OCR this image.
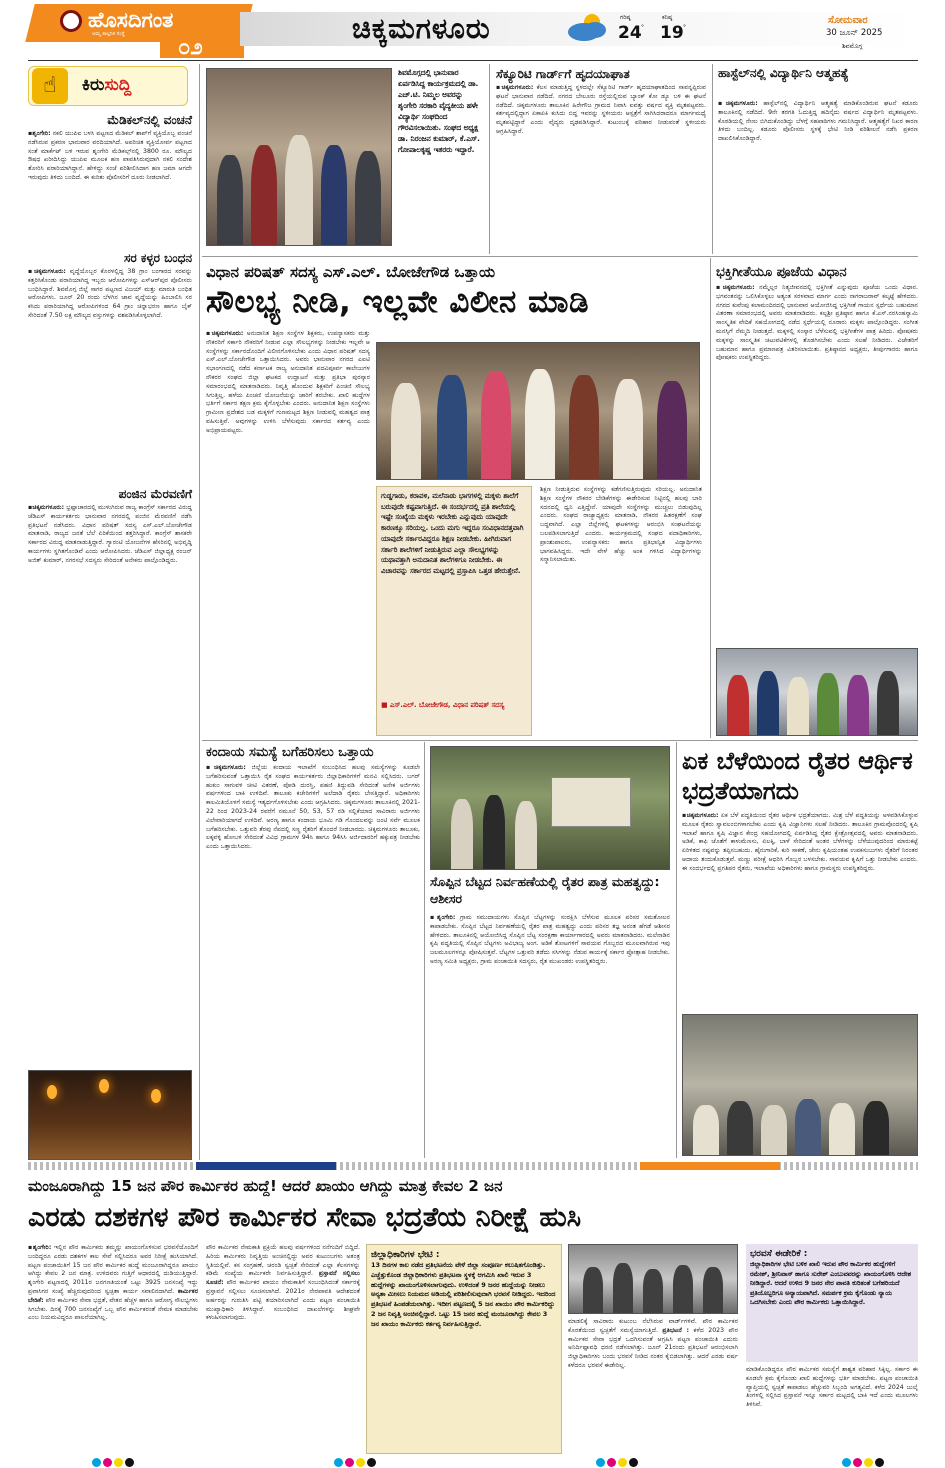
ಹೊಸದಿಗಂತ
ಅಮ್ಮ ಕಾಲ್ಪನಿಕ ಸಂಸ್ಥೆ
೦೨
ಚಿಕ್ಕಮಗಳೂರು	ಗರಿಷ್ಠ
24 °
ಕನಿಷ್ಠ
19 °
ಸೋಮವಾರ
30 ಜೂನ್ 2025
ಶಿವಮೊಗ್ಗ
☝	ಕಿರುಸುದ್ದಿ
ಮೆಡಿಕಲ್‌ನಲ್ಲಿ ವಂಚನೆ
▪ಶೃಂಗೇರಿ: ನಕಲಿ ಯುಪಿಐ ಬಳಸಿ ಪಟ್ಟಣದ ಮೆಡಿಕಲ್ ಶಾಪ್‌ಗೆ ವ್ಯಕ್ತಿಯೊಬ್ಬ ವಂಚನೆ ನಡೆಸಿರುವ ಪ್ರಕರಣ ಭಾನುವಾರ ವರದಿಯಾಗಿದೆ. ಅಪರಿಚಿತ ವ್ಯಕ್ತಿಯೋರ್ವ ಪಟ್ಟಣದ ಸಂತೆ ಮಾರ್ಕೆಟ್ ಬಳಿ ಇರುವ ಶೃಂಗೇರಿ ಮೆಡಿಕಲ್ಸ್‌ನಲ್ಲಿ 3800 ರೂ. ಮೌಲ್ಯದ ಔಷಧ ಖರೀದಿಸಿದ್ದು ಯುಪಿಐ ಮೂಲಕ ಹಣ ಪಾವತಿಸಿರುವುದಾಗಿ ನಕಲಿ ಸಂದೇಶ ತೋರಿಸಿ ಪರಾರಿಯಾಗಿದ್ದಾನೆ. ಹೇಳಿದ್ದು ಸಂಜೆ ಪರಿಶೀಲಿಸಿದಾಗ ಹಣ ಜಮಾ ಆಗದೇ ಇರುವುದು ತಿಳಿದು ಬಂದಿದೆ. ಈ ಕುರಿತು ಪೊಲೀಸರಿಗೆ ದೂರು ನೀಡಲಾಗಿದೆ.
ಸರ ಕಳ್ಳರ ಬಂಧನ
▪ಚಿಕ್ಕಮಗಳೂರು: ವೃದ್ಧೆಯೊಬ್ಬರ ಕೊರಳಲ್ಲಿದ್ದ 38 ಗ್ರಾಂ ಬಂಗಾರದ ಸರವನ್ನು ಕತ್ತರಿಸಿಕೊಂಡು ಪರಾರಿಯಾಗಿದ್ದ ಇಬ್ಬರು ಆರೋಪಿಗಳನ್ನು ಎಸ್‌ಆರ್‌ಪುರ ಪೊಲೀಸರು ಬಂಧಿಸಿದ್ದಾರೆ. ಶಿವಮೊಗ್ಗ ಜಿಲ್ಲೆ ಸಾಗರ ಪಟ್ಟಣದ ವಿಜಯ್ ಮತ್ತು ಮಾರುತಿ ಬಂಧಿತ ಆರೋಪಿಗಳು. ಜೂನ್ 20 ರಂದು ಬೆಳಗಿನ ಜಾವ ವೃದ್ಧೆಯನ್ನು ಹಿಂಬಾಲಿಸಿ ಸರ ಕಸಿದು ಪರಾರಿಯಾಗಿದ್ದ ಆರೋಪಿಗಳಿಂದ 64 ಗ್ರಾಂ ಚಿನ್ನಾಭರಣ ಹಾಗೂ ಬೈಕ್ ಸೇರಿದಂತೆ 7.50 ಲಕ್ಷ ಮೌಲ್ಯದ ವಸ್ತುಗಳನ್ನು ವಶಪಡಿಸಿಕೊಳ್ಳಲಾಗಿದೆ.
ಪಂಜಿನ ಮೆರವಣಿಗೆ
▪ಚಿಕ್ಕಮಗಳೂರು: ಭ್ರಷ್ಟಾಚಾರದಲ್ಲಿ ಮುಳುಗಿರುವ ರಾಜ್ಯ ಕಾಂಗ್ರೆಸ್ ಸರ್ಕಾರದ ವಿರುದ್ಧ ಜೆಡಿಎಸ್ ಕಾರ್ಯಕರ್ತರು ಭಾನುವಾರ ನಗರದಲ್ಲಿ ಪಂಜಿನ ಮೆರವಣಿಗೆ ನಡೆಸಿ ಪ್ರತಿಭಟನೆ ನಡೆಸಿದರು. ವಿಧಾನ ಪರಿಷತ್ ಸದಸ್ಯ ಎಸ್.ಎಲ್.ಬೋಜೇಗೌಡ ಮಾತನಾಡಿ, ರಾಜ್ಯದ ಜನತೆ ಬೆಲೆ ಏರಿಕೆಯಿಂದ ತತ್ತರಿಸಿದ್ದಾರೆ. ಕಾಂಗ್ರೆಸ್ ಶಾಸಕರೇ ಸರ್ಕಾರದ ವಿರುದ್ಧ ಮಾತನಾಡುತ್ತಿದ್ದಾರೆ. ಗ್ಯಾರಂಟಿ ಯೋಜನೆಗಳ ಹೆಸರಿನಲ್ಲಿ ಅಭಿವೃದ್ಧಿ ಕಾರ್ಯಗಳು ಸ್ಥಗಿತಗೊಂಡಿವೆ ಎಂದು ಆರೋಪಿಸಿದರು. ಜೆಡಿಎಸ್ ಜಿಲ್ಲಾಧ್ಯಕ್ಷ ರಂಜನ್ ಅಜಿತ್ ಕುಮಾರ್, ನಗರಸಭೆ ಸದಸ್ಯರು ಸೇರಿದಂತೆ ಅನೇಕರು ಪಾಲ್ಗೊಂಡಿದ್ದರು.
ಶಿವಮೊಗ್ಗದಲ್ಲಿ ಭಾನುವಾರ ಏರ್ಪಡಿಸಿದ್ದ ಕಾರ್ಯಕ್ರಮದಲ್ಲಿ ಡಾ. ಎಚ್.ಟಿ. ನಿಮ್ಮಲ ಅವರನ್ನು ಶೃಂಗೇರಿ ಸರಕಾರಿ ವೈದ್ಯಕೀಯ ಹಳೇ ವಿದ್ಯಾರ್ಥಿ ಸಂಘದಿಂದ ಗೌರವಿಸಲಾಯಿತು. ಸಂಘದ ಅಧ್ಯಕ್ಷ ಡಾ. ನಿರಂಜನ ಕುಮಾರ್, ಕೆ.ಎಸ್. ಗೋಪಾಲಕೃಷ್ಣ ಇತರರು ಇದ್ದಾರೆ.
ಸೆಕ್ಯೂರಿಟಿ ಗಾರ್ಡ್‌ಗೆ ಹೃದಯಾಘಾತ
▪ಚಿಕ್ಕಮಗಳೂರು: ಕೆಲಸ ಮಾಡುತ್ತಿದ್ದ ಸ್ಥಳದಲ್ಲೇ ಸೆಕ್ಯೂರಿಟಿ ಗಾರ್ಡ್ ಹೃದಯಾಘಾತದಿಂದ ಸಾವನ್ನಪ್ಪಿರುವ ಘಟನೆ ಭಾನುವಾರ ನಡೆದಿದೆ. ನಗರದ ಬೇಲೂರು ರಸ್ತೆಯಲ್ಲಿರುವ ಬ್ಯಾಂಕ್ ಕೋ ಡ್ಯೂ ಬಳಿ ಈ ಘಟನೆ ನಡೆದಿದೆ. ಚಿಕ್ಕಮಗಳೂರು ತಾಲೂಕಿನ ಹಿರೇಗೌಜ ಗ್ರಾಮದ ನಿವಾಸಿ ಐವತ್ತು ವರ್ಷದ ವ್ಯಕ್ತಿ ಮೃತಪಟ್ಟವರು. ಕರ್ತವ್ಯದಲ್ಲಿದ್ದಾಗ ಏಕಾಏಕಿ ಕುಸಿದು ಬಿದ್ದ ಇವರನ್ನು ಸ್ಥಳೀಯರು ಆಸ್ಪತ್ರೆಗೆ ಸಾಗಿಸಿದರಾದರೂ ಮಾರ್ಗಮಧ್ಯೆ ಮೃತಪಟ್ಟಿದ್ದಾರೆ ಎಂದು ವೈದ್ಯರು ದೃಢಪಡಿಸಿದ್ದಾರೆ. ಕುಟುಂಬಕ್ಕೆ ಪರಿಹಾರ ನೀಡುವಂತೆ ಸ್ಥಳೀಯರು ಆಗ್ರಹಿಸಿದ್ದಾರೆ.
ಹಾಸ್ಟೆಲ್‌ನಲ್ಲಿ ವಿದ್ಯಾರ್ಥಿನಿ ಆತ್ಮಹತ್ಯೆ
▪ಚಿಕ್ಕಮಗಳೂರು: ಹಾಸ್ಟೆಲ್‌ನಲ್ಲಿ ವಿದ್ಯಾರ್ಥಿನಿ ಆತ್ಮಹತ್ಯೆ ಮಾಡಿಕೊಂಡಿರುವ ಘಟನೆ ಕಡೂರು ತಾಲೂಕಿನಲ್ಲಿ ನಡೆದಿದೆ. 9ನೇ ತರಗತಿ ಓದುತ್ತಿದ್ದ ಹದಿನೈದು ವರ್ಷದ ವಿದ್ಯಾರ್ಥಿನಿ ಮೃತಪಟ್ಟವಳು. ಕೊಠಡಿಯಲ್ಲಿ ನೇಣು ಬಿಗಿದುಕೊಂಡಿದ್ದು ಬೆಳಗ್ಗೆ ಸಹಪಾಠಿಗಳು ಗಮನಿಸಿದ್ದಾರೆ. ಆತ್ಮಹತ್ಯೆಗೆ ನಿಖರ ಕಾರಣ ತಿಳಿದು ಬಂದಿಲ್ಲ. ಕಡೂರು ಪೊಲೀಸರು ಸ್ಥಳಕ್ಕೆ ಭೇಟಿ ನೀಡಿ ಪರಿಶೀಲನೆ ನಡೆಸಿ ಪ್ರಕರಣ ದಾಖಲಿಸಿಕೊಂಡಿದ್ದಾರೆ.
ವಿಧಾನ ಪರಿಷತ್ ಸದಸ್ಯ ಎಸ್.ಎಲ್. ಬೋಜೇಗೌಡ ಒತ್ತಾಯ
ಸೌಲಭ್ಯ ನೀಡಿ, ಇಲ್ಲವೇ ವಿಲೀನ ಮಾಡಿ
▪ಚಿಕ್ಕಮಗಳೂರು: ಅನುದಾನಿತ ಶಿಕ್ಷಣ ಸಂಸ್ಥೆಗಳ ಶಿಕ್ಷಕರು, ಉಪನ್ಯಾಸಕರು ಮತ್ತು ನೌಕರರಿಗೆ ಸರ್ಕಾರಿ ನೌಕರರಿಗೆ ನೀಡುವ ಎಲ್ಲಾ ಸೌಲಭ್ಯಗಳನ್ನು ನೀಡಬೇಕು ಇಲ್ಲವೇ ಆ ಸಂಸ್ಥೆಗಳನ್ನು ಸರ್ಕಾರದೊಂದಿಗೆ ವಿಲೀನಗೊಳಿಸಬೇಕು ಎಂದು ವಿಧಾನ ಪರಿಷತ್ ಸದಸ್ಯ ಎಸ್.ಎಲ್.ಬೋಜೇಗೌಡ ಒತ್ತಾಯಿಸಿದರು. ಅವರು ಭಾನುವಾರ ನಗರದ ಎಐಟಿ ಸಭಾಂಗಣದಲ್ಲಿ ನಡೆದ ಕರ್ನಾಟಕ ರಾಜ್ಯ ಅನುದಾನಿತ ಪದವಿಪೂರ್ವ ಕಾಲೇಜುಗಳ ನೌಕರರ ಸಂಘದ ಜಿಲ್ಲಾ ಘಟಕದ ಉದ್ಘಾಟನೆ ಮತ್ತು ಪ್ರತಿಭಾ ಪುರಸ್ಕಾರ ಸಮಾರಂಭದಲ್ಲಿ ಮಾತನಾಡಿದರು. ನಿವೃತ್ತಿ ಹೊಂದುವ ಶಿಕ್ಷಕರಿಗೆ ಪಿಂಚಣಿ ಸೌಲಭ್ಯ ಸಿಗುತ್ತಿಲ್ಲ. ಹಳೆಯ ಪಿಂಚಣಿ ಯೋಜನೆಯನ್ನು ಜಾರಿಗೆ ತರಬೇಕು. ಖಾಲಿ ಹುದ್ದೆಗಳ ಭರ್ತಿಗೆ ಸರ್ಕಾರ ತಕ್ಷಣ ಕ್ರಮ ಕೈಗೊಳ್ಳಬೇಕು ಎಂದರು. ಅನುದಾನಿತ ಶಿಕ್ಷಣ ಸಂಸ್ಥೆಗಳು ಗ್ರಾಮೀಣ ಪ್ರದೇಶದ ಬಡ ಮಕ್ಕಳಿಗೆ ಗುಣಮಟ್ಟದ ಶಿಕ್ಷಣ ನೀಡುವಲ್ಲಿ ಮಹತ್ವದ ಪಾತ್ರ ವಹಿಸುತ್ತಿವೆ. ಅವುಗಳನ್ನು ಉಳಿಸಿ ಬೆಳೆಸುವುದು ಸರ್ಕಾರದ ಕರ್ತವ್ಯ ಎಂದು ಅಭಿಪ್ರಾಯಪಟ್ಟರು.
ಗುಡ್ಡಗಾಡು, ಕರಾವಳಿ, ಮಲೆನಾಡು ಭಾಗಗಳಲ್ಲಿ ಮಕ್ಕಳು ಶಾಲೆಗೆ ಬರುವುದೇ ಕಷ್ಟವಾಗುತ್ತಿದೆ. ಈ ಸಂದರ್ಭದಲ್ಲಿ ಪ್ರತಿ ಶಾಲೆಯಲ್ಲಿ ಇಷ್ಟೇ ಸಂಖ್ಯೆಯ ಮಕ್ಕಳು ಇರಬೇಕು ಎನ್ನುವುದು ಯಾವುದೇ ಕಾರಣಕ್ಕೂ ಸರಿಯಲ್ಲ. ಒಂದು ಮಗು ಇದ್ದರೂ ಸಂವಿಧಾನದತ್ತವಾಗಿ ಯಾವುದೇ ಸರ್ಕಾರವಿದ್ದರೂ ಶಿಕ್ಷಣ ನೀಡಬೇಕು. ಹೀಗಿರುವಾಗ ಸರ್ಕಾರಿ ಶಾಲೆಗಳಿಗೆ ನೀಡುತ್ತಿರುವ ಎಲ್ಲಾ ಸೌಲಭ್ಯಗಳನ್ನು ಯಥಾವತ್ತಾಗಿ ಅನುದಾನಿತ ಶಾಲೆಗಳಿಗೂ ನೀಡಬೇಕು. ಈ ವಿಚಾರವನ್ನು ಸರ್ಕಾರದ ಮಟ್ಟದಲ್ಲಿ ಪ್ರಸ್ತಾಪಿಸಿ ಒತ್ತಡ ಹೇರುತ್ತೇನೆ.
■ ಎಸ್.ಎಲ್. ಬೋಜೇಗೌಡ, ವಿಧಾನ ಪರಿಷತ್ ಸದಸ್ಯ
ಶಿಕ್ಷಣ ನೀಡುತ್ತಿರುವ ಸಂಸ್ಥೆಗಳನ್ನು ಕಡೆಗಣಿಸುತ್ತಿರುವುದು ಸರಿಯಲ್ಲ. ಅನುದಾನಿತ ಶಿಕ್ಷಣ ಸಂಸ್ಥೆಗಳ ನೌಕರರ ಬೇಡಿಕೆಗಳನ್ನು ಈಡೇರಿಸುವ ನಿಟ್ಟಿನಲ್ಲಿ ಹಲವು ಬಾರಿ ಸದನದಲ್ಲಿ ಧ್ವನಿ ಎತ್ತಿದ್ದೇನೆ. ಯಾವುದೇ ಸಂಸ್ಥೆಗಳನ್ನು ಮುಚ್ಚಲು ಬಿಡುವುದಿಲ್ಲ ಎಂದರು. ಸಂಘದ ರಾಜ್ಯಾಧ್ಯಕ್ಷರು ಮಾತನಾಡಿ, ನೌಕರರ ಹಿತರಕ್ಷಣೆಗೆ ಸಂಘ ಬದ್ಧವಾಗಿದೆ. ಎಲ್ಲಾ ಜಿಲ್ಲೆಗಳಲ್ಲಿ ಘಟಕಗಳನ್ನು ಆರಂಭಿಸಿ ಸಂಘಟನೆಯನ್ನು ಬಲಪಡಿಸಲಾಗುತ್ತಿದೆ ಎಂದರು. ಕಾರ್ಯಕ್ರಮದಲ್ಲಿ ಸಂಘದ ಪದಾಧಿಕಾರಿಗಳು, ಪ್ರಾಂಶುಪಾಲರು, ಉಪನ್ಯಾಸಕರು ಹಾಗೂ ಪ್ರತಿಭಾನ್ವಿತ ವಿದ್ಯಾರ್ಥಿಗಳು ಭಾಗವಹಿಸಿದ್ದರು. ಇದೇ ವೇಳೆ ಹೆಚ್ಚು ಅಂಕ ಗಳಿಸಿದ ವಿದ್ಯಾರ್ಥಿಗಳನ್ನು ಸನ್ಮಾನಿಸಲಾಯಿತು.
ಭಕ್ತಿಗೀತೆಯೂ ಪೂಜೆಯ ವಿಧಾನ
▪ಚಿಕ್ಕಮಗಳೂರು: ನಮ್ಮೆಲ್ಲರ ನಿತ್ಯಜೀವನದಲ್ಲಿ ಭಕ್ತಿಗೀತೆ ಎನ್ನುವುದು ಪೂಜೆಯ ಒಂದು ವಿಧಾನ. ಭಗವಂತನನ್ನು ಒಲಿಸಿಕೊಳ್ಳಲು ಅತ್ಯಂತ ಸರಳವಾದ ಮಾರ್ಗ ಎಂದು ನಾಗರಾಜರಾವ್ ಕಲ್ಕಟ್ಟೆ ಹೇಳಿದರು. ನಗರದ ಕುವೆಂಪು ಕಲಾಮಂದಿರದಲ್ಲಿ ಭಾನುವಾರ ಆಯೋಜಿಸಿದ್ದ ಭಕ್ತಿಗೀತೆ ಗಾಯನ ಸ್ಪರ್ಧೆಯ ಬಹುಮಾನ ವಿತರಣಾ ಸಮಾರಂಭದಲ್ಲಿ ಅವರು ಮಾತನಾಡಿದರು. ಕಲ್ಪಶ್ರೀ ಪ್ರತಿಷ್ಠಾನ ಹಾಗೂ ಕೆ.ಎಸ್.ನರಸಿಂಹಸ್ವಾಮಿ ಸಾಂಸ್ಕೃತಿಕ ವೇದಿಕೆ ಸಹಯೋಗದಲ್ಲಿ ನಡೆದ ಸ್ಪರ್ಧೆಯಲ್ಲಿ ನೂರಾರು ಮಕ್ಕಳು ಪಾಲ್ಗೊಂಡಿದ್ದರು. ಸಂಗೀತ ಮನಸ್ಸಿಗೆ ನೆಮ್ಮದಿ ನೀಡುತ್ತದೆ. ಮಕ್ಕಳಲ್ಲಿ ಸಂಸ್ಕಾರ ಬೆಳೆಸುವಲ್ಲಿ ಭಕ್ತಿಗೀತೆಗಳ ಪಾತ್ರ ಹಿರಿದು. ಪೋಷಕರು ಮಕ್ಕಳನ್ನು ಸಾಂಸ್ಕೃತಿಕ ಚಟುವಟಿಕೆಗಳಲ್ಲಿ ತೊಡಗಿಸಬೇಕು ಎಂದು ಸಲಹೆ ನೀಡಿದರು. ವಿಜೇತರಿಗೆ ಬಹುಮಾನ ಹಾಗೂ ಪ್ರಮಾಣಪತ್ರ ವಿತರಿಸಲಾಯಿತು. ಪ್ರತಿಷ್ಠಾನದ ಅಧ್ಯಕ್ಷರು, ತೀರ್ಪುಗಾರರು ಹಾಗೂ ಪೋಷಕರು ಉಪಸ್ಥಿತರಿದ್ದರು.
ಕಂದಾಯ ಸಮಸ್ಯೆ ಬಗೆಹರಿಸಲು ಒತ್ತಾಯ
▪ಚಿಕ್ಕಮಗಳೂರು: ಜಿಲ್ಲೆಯ ಕಂದಾಯ ಇಲಾಖೆಗೆ ಸಂಬಂಧಿಸಿದ ಹಲವು ಸಮಸ್ಯೆಗಳನ್ನು ಕೂಡಲೇ ಬಗೆಹರಿಸುವಂತೆ ಒತ್ತಾಯಿಸಿ ರೈತ ಸಂಘದ ಕಾರ್ಯಕರ್ತರು ಜಿಲ್ಲಾಧಿಕಾರಿಗಳಿಗೆ ಮನವಿ ಸಲ್ಲಿಸಿದರು. ಬಗರ್ ಹುಕುಂ ಸಾಗುವಳಿ ಚೀಟಿ ವಿತರಣೆ, ಪೋಡಿ ದುರಸ್ತಿ, ಪಹಣಿ ತಿದ್ದುಪಡಿ ಸೇರಿದಂತೆ ಅನೇಕ ಅರ್ಜಿಗಳು ವರ್ಷಗಳಿಂದ ಬಾಕಿ ಉಳಿದಿವೆ. ತಾಲೂಕು ಕಚೇರಿಗಳಿಗೆ ಅಲೆದಾಡಿ ರೈತರು ಬೇಸತ್ತಿದ್ದಾರೆ. ಅಧಿಕಾರಿಗಳು ಕಾಲಮಿತಿಯೊಳಗೆ ಸಮಸ್ಯೆ ಇತ್ಯರ್ಥಗೊಳಿಸಬೇಕು ಎಂದು ಆಗ್ರಹಿಸಿದರು. ಚಿಕ್ಕಮಗಳೂರು ತಾಲೂಕಿನಲ್ಲಿ 2021-22 ರಿಂದ 2023-24 ರವರೆಗೆ ನಮೂನೆ 50, 53, 57 ರಡಿ ಸಲ್ಲಿಕೆಯಾದ ಸಾವಿರಾರು ಅರ್ಜಿಗಳು ವಿಲೇವಾರಿಯಾಗದೆ ಉಳಿದಿವೆ. ಅರಣ್ಯ ಹಾಗೂ ಕಂದಾಯ ಭೂಮಿ ಗಡಿ ಗೊಂದಲವನ್ನು ಜಂಟಿ ಸರ್ವೆ ಮೂಲಕ ಬಗೆಹರಿಸಬೇಕು. ಒತ್ತುವರಿ ತೆರವು ನೆಪದಲ್ಲಿ ಸಣ್ಣ ರೈತರಿಗೆ ತೊಂದರೆ ನೀಡಬಾರದು. ಚಿಕ್ಕಮಗಳೂರು ತಾಲೂಕು, ಲಕ್ಕವಳ್ಳಿ ಹೋಬಳಿ ಸೇರಿದಂತೆ ವಿವಿಧ ಗ್ರಾಮಗಳ 94ಸಿ ಹಾಗೂ 94ಸಿಸಿ ಅರ್ಜಿದಾರರಿಗೆ ಹಕ್ಕುಪತ್ರ ನೀಡಬೇಕು ಎಂದು ಒತ್ತಾಯಿಸಿದರು.
ಸೊಪ್ಪಿನ ಬೆಟ್ಟದ ನಿರ್ವಹಣೆಯಲ್ಲಿ ರೈತರ ಪಾತ್ರ ಮಹತ್ವದ್ದು: ಆಶೀಸರ
▪ಶೃಂಗೇರಿ: ಗ್ರಾಮ ಸಮುದಾಯಗಳು ಸೊಪ್ಪಿನ ಬೆಟ್ಟಗಳನ್ನು ಸಂರಕ್ಷಿಸಿ ಬೆಳೆಸುವ ಮೂಲಕ ಪರಿಸರ ಸಮತೋಲನ ಕಾಪಾಡಬೇಕು. ಸೊಪ್ಪಿನ ಬೆಟ್ಟದ ನಿರ್ವಹಣೆಯಲ್ಲಿ ರೈತರ ಪಾತ್ರ ಮಹತ್ವದ್ದು ಎಂದು ಪರಿಸರ ತಜ್ಞ ಅನಂತ ಹೆಗಡೆ ಆಶೀಸರ ಹೇಳಿದರು. ತಾಲೂಕಿನಲ್ಲಿ ಆಯೋಜಿಸಿದ್ದ ಸೊಪ್ಪಿನ ಬೆಟ್ಟ ಸಂರಕ್ಷಣಾ ಕಾರ್ಯಾಗಾರದಲ್ಲಿ ಅವರು ಮಾತನಾಡಿದರು. ಮಲೆನಾಡಿನ ಕೃಷಿ ಪದ್ಧತಿಯಲ್ಲಿ ಸೊಪ್ಪಿನ ಬೆಟ್ಟಗಳು ಅವಿಭಾಜ್ಯ ಅಂಗ. ಅಡಿಕೆ ತೋಟಗಳಿಗೆ ಸಾವಯವ ಗೊಬ್ಬರದ ಮೂಲವಾಗಿರುವ ಇವು ಜಲಮೂಲಗಳನ್ನೂ ಪೋಷಿಸುತ್ತವೆ. ಬೆಟ್ಟಗಳ ಒತ್ತುವರಿ ತಡೆದು ಸಸಿಗಳನ್ನು ನೆಡುವ ಕಾರ್ಯಕ್ಕೆ ಸರ್ಕಾರ ಪ್ರೋತ್ಸಾಹ ನೀಡಬೇಕು. ಅರಣ್ಯ ಸಮಿತಿ ಅಧ್ಯಕ್ಷರು, ಗ್ರಾಮ ಪಂಚಾಯಿತಿ ಸದಸ್ಯರು, ರೈತ ಮುಖಂಡರು ಉಪಸ್ಥಿತರಿದ್ದರು.
ಏಕ ಬೆಳೆಯಿಂದ ರೈತರ ಆರ್ಥಿಕ ಭದ್ರತೆಯಾಗದು
▪ಚಿಕ್ಕಮಗಳೂರು: ಏಕ ಬೆಳೆ ಪದ್ಧತಿಯಿಂದ ರೈತರ ಆರ್ಥಿಕ ಭದ್ರತೆಯಾಗದು. ಮಿಶ್ರ ಬೆಳೆ ಪದ್ಧತಿಯನ್ನು ಅಳವಡಿಸಿಕೊಳ್ಳುವ ಮೂಲಕ ರೈತರು ಸ್ವಾವಲಂಬಿಗಳಾಗಬೇಕು ಎಂದು ಕೃಷಿ ವಿಜ್ಞಾನಿಗಳು ಸಲಹೆ ನೀಡಿದರು. ತಾಲೂಕಿನ ಗ್ರಾಮವೊಂದರಲ್ಲಿ ಕೃಷಿ ಇಲಾಖೆ ಹಾಗೂ ಕೃಷಿ ವಿಜ್ಞಾನ ಕೇಂದ್ರ ಸಹಯೋಗದಲ್ಲಿ ಏರ್ಪಡಿಸಿದ್ದ ರೈತರ ಕ್ಷೇತ್ರೋತ್ಸವದಲ್ಲಿ ಅವರು ಮಾತನಾಡಿದರು. ಅಡಿಕೆ, ಕಾಫಿ ಜೊತೆಗೆ ಕಾಳುಮೆಣಸು, ಏಲಕ್ಕಿ, ಬಾಳೆ ಸೇರಿದಂತೆ ಅಂತರ ಬೆಳೆಗಳನ್ನು ಬೆಳೆಯುವುದರಿಂದ ಮಾರುಕಟ್ಟೆ ಏರಿಳಿತದ ನಷ್ಟವನ್ನು ತಪ್ಪಿಸಬಹುದು. ಹೈನುಗಾರಿಕೆ, ಕುರಿ ಸಾಕಣೆ, ಜೇನು ಕೃಷಿಯಂತಹ ಉಪಕಸುಬುಗಳು ರೈತರಿಗೆ ನಿರಂತರ ಆದಾಯ ತಂದುಕೊಡುತ್ತವೆ. ಮಣ್ಣು ಪರೀಕ್ಷೆ ಆಧರಿಸಿ ಗೊಬ್ಬರ ಬಳಸಬೇಕು. ಸಾವಯವ ಕೃಷಿಗೆ ಒತ್ತು ನೀಡಬೇಕು ಎಂದರು. ಈ ಸಂದರ್ಭದಲ್ಲಿ ಪ್ರಗತಿಪರ ರೈತರು, ಇಲಾಖೆಯ ಅಧಿಕಾರಿಗಳು ಹಾಗೂ ಗ್ರಾಮಸ್ಥರು ಉಪಸ್ಥಿತರಿದ್ದರು.
ಮಂಜೂರಾಗಿದ್ದು 15 ಜನ ಪೌರ ಕಾರ್ಮಿಕರ ಹುದ್ದೆ! ಆದರೆ ಖಾಯಂ ಆಗಿದ್ದು ಮಾತ್ರ ಕೇವಲ 2 ಜನ
ಎರಡು ದಶಕಗಳ ಪೌರ ಕಾರ್ಮಿಕರ ಸೇವಾ ಭದ್ರತೆಯ ನಿರೀಕ್ಷೆ ಹುಸಿ
▪ಶೃಂಗೇರಿ: ಇಲ್ಲಿನ ಪೌರ ಕಾರ್ಮಿಕರು ತಮ್ಮನ್ನು ಖಾಯಂಗೊಳಿಸುವ ಭರವಸೆಯೊಂದಿಗೆ ಬಂದಿದ್ದರೂ ಎರಡು ದಶಕಗಳ ಕಾಲ ಸೇವೆ ಸಲ್ಲಿಸಿದರೂ ಅವರ ನಿರೀಕ್ಷೆ ಹುಸಿಯಾಗಿದೆ. ಪಟ್ಟಣ ಪಂಚಾಯಿತಿಗೆ 15 ಜನ ಪೌರ ಕಾರ್ಮಿಕರ ಹುದ್ದೆ ಮಂಜೂರಾಗಿದ್ದರೂ ಖಾಯಂ ಆಗಿದ್ದು ಕೇವಲ 2 ಜನ ಮಾತ್ರ. ಉಳಿದವರು ಗುತ್ತಿಗೆ ಆಧಾರದಲ್ಲಿ ದುಡಿಯುತ್ತಿದ್ದಾರೆ. ಶೃಂಗೇರಿ ಪಟ್ಟಣದಲ್ಲಿ 2011ರ ಜನಗಣತಿಯಂತೆ ಒಟ್ಟು 3925 ಜನಸಂಖ್ಯೆ ಇದ್ದು ಪ್ರವಾಸಿಗರ ಸಂಖ್ಯೆ ಹೆಚ್ಚಿರುವುದರಿಂದ ಸ್ವಚ್ಛತಾ ಕಾರ್ಯ ಸವಾಲಿನದಾಗಿದೆ. ಕಾರ್ಮಿಕರ ಬೇಡಿಕೆ: ಪೌರ ಕಾರ್ಮಿಕರ ಸೇವಾ ಭದ್ರತೆ, ವೇತನ ಹೆಚ್ಚಳ ಹಾಗೂ ಆರೋಗ್ಯ ಸೌಲಭ್ಯಗಳು ಸಿಗಬೇಕು. ದಿನಕ್ಕೆ 700 ಜನಸಂಖ್ಯೆಗೆ ಒಬ್ಬ ಪೌರ ಕಾರ್ಮಿಕರಂತೆ ನೇಮಕ ಮಾಡಬೇಕು ಎಂಬ ನಿಯಮವಿದ್ದರೂ ಪಾಲನೆಯಾಗಿಲ್ಲ.
ಪೌರ ಕಾರ್ಮಿಕರ ನೇಮಕಾತಿ ಪ್ರಕ್ರಿಯೆ ಹಲವು ವರ್ಷಗಳಿಂದ ನನೆಗುದಿಗೆ ಬಿದ್ದಿದೆ. ಹಿರಿಯ ಕಾರ್ಮಿಕರು ನಿವೃತ್ತಿಯ ಅಂಚಿನಲ್ಲಿದ್ದು ಅವರ ಕುಟುಂಬಗಳು ಅತಂತ್ರ ಸ್ಥಿತಿಯಲ್ಲಿವೆ. ಕಸ ಸಂಗ್ರಹಣೆ, ಚರಂಡಿ ಸ್ವಚ್ಛತೆ ಸೇರಿದಂತೆ ಎಲ್ಲಾ ಕೆಲಸಗಳನ್ನು ಕಡಿಮೆ ಸಂಖ್ಯೆಯ ಕಾರ್ಮಿಕರೇ ನಿರ್ವಹಿಸುತ್ತಿದ್ದಾರೆ. ಪ್ರಸ್ತಾವನೆ ಸಲ್ಲಿಸಲು ಸೂಚನೆ: ಪೌರ ಕಾರ್ಮಿಕರ ಖಾಯಂ ನೇಮಕಾತಿಗೆ ಸಂಬಂಧಿಸಿದಂತೆ ಸರ್ಕಾರಕ್ಕೆ ಪ್ರಸ್ತಾವನೆ ಸಲ್ಲಿಸಲು ಸೂಚಿಸಲಾಗಿದೆ. 2021ರ ನೇರಪಾವತಿ ಆದೇಶದಂತೆ ಅರ್ಹರನ್ನು ಗುರುತಿಸಿ ಪಟ್ಟಿ ತಯಾರಿಸಲಾಗಿದೆ ಎಂದು ಪಟ್ಟಣ ಪಂಚಾಯಿತಿ ಮುಖ್ಯಾಧಿಕಾರಿ ತಿಳಿಸಿದ್ದಾರೆ. ಸಂಬಂಧಿಸಿದ ದಾಖಲೆಗಳನ್ನು ಶೀಘ್ರವೇ ಕಳುಹಿಸಲಾಗುವುದು.
ಜಿಲ್ಲಾಧಿಕಾರಿಗಳ ಭೇಟಿ :
13 ದಿನಗಳ ಕಾಲ ನಡೆದ ಪ್ರತಿಭಟನೆಯ ವೇಳೆ ಜಿಲ್ಲಾ ಸಂಪೂರ್ಣ ಕಲುಷಿತಗೊಂಡಿತ್ತು. ಎಚ್ಚೆತ್ತುಕೊಂಡ ಜಿಲ್ಲಾಧಿಕಾರಿಗಳು ಪ್ರತಿಭಟನಾ ಸ್ಥಳಕ್ಕೆ ಆಗಮಿಸಿ ಖಾಲಿ ಇರುವ 3 ಹುದ್ದೆಗಳನ್ನು ಖಾಯಂಗೊಳಿಸಲಾಗುವುದು. ಉಳಿದಂತೆ 9 ಜನರ ಹುದ್ದೆಯನ್ನು ನೀಡಲು ಅನ್ಯತಾ ಮೀಸಲು ನಿಯಮದ ಅಡಿಯಲ್ಲಿ ಪರಿಶೀಲಿಸುವುದಾಗಿ ಭರವಸೆ ನೀಡಿದ್ದರು. ಇದರಿಂದ ಪ್ರತಿಭಟನೆ ಹಿಂಪಡೆಯಲಾಗಿತ್ತು. ಇದೀಗ ಪಟ್ಟಣದಲ್ಲಿ 5 ಜನ ಖಾಯಂ ಪೌರ ಕಾರ್ಮಿಕರಿದ್ದು 2 ಜನ ನಿವೃತ್ತಿ ಅಂಚಿನಲ್ಲಿದ್ದಾರೆ. ಒಟ್ಟು 15 ಜನರ ಹುದ್ದೆ ಮಂಜೂರಾಗಿದ್ದು ಕೇವಲ 3 ಜನ ಖಾಯಂ ಕಾರ್ಮಿಕರು ಕರ್ತವ್ಯ ನಿರ್ವಹಿಸುತ್ತಿದ್ದಾರೆ.	ಮಾಡಲಿಕ್ಕೆ ಸಾವಿರಾರು ಕುಟುಂಬ ನೆಲೆಸಿರುವ ವಾರ್ಡ್‌ಗಳಿವೆ. ಪೌರ ಕಾರ್ಮಿಕರ ಕೊರತೆಯಿಂದ ಸ್ವಚ್ಛತೆಗೆ ಸಮಸ್ಯೆಯಾಗುತ್ತಿದೆ. ಪ್ರತಿಭಟನೆ : ಕಳೆದ 2023 ಪೌರ ಕಾರ್ಮಿಕರ ಸೇವಾ ಭದ್ರತೆ ಒದಗಿಸುವಂತೆ ಆಗ್ರಹಿಸಿ ಪಟ್ಟಣ ಪಂಚಾಯಿತಿ ಎದುರು ಅನಿರ್ದಿಷ್ಟಾವಧಿ ಧರಣಿ ನಡೆಸಲಾಗಿತ್ತು. ಜೂನ್ 21ರಂದು ಪ್ರತಿಭಟನೆ ಆರಂಭಿಸಲಾಗಿ ಜಿಲ್ಲಾಧಿಕಾರಿಗಳು ಬಂದು ಭರವಸೆ ನೀಡಿದ ನಂತರ ಕೈಬಿಡಲಾಗಿತ್ತು. ಆದರೆ ಎರಡು ವರ್ಷ ಕಳೆದರೂ ಭರವಸೆ ಈಡೇರಿಲ್ಲ.
ಭರವಸೆ ಈಡೇರಿಕೆ :
ಜಿಲ್ಲಾಧಿಕಾರಿಗಳ ಭೇಟಿ ಬಳಿಕ ಖಾಲಿ ಇರುವ ಪೌರ ಕಾರ್ಮಿಕರ ಹುದ್ದೆಗಳಿಗೆ ರಮೇಶ್, ಶ್ರೀನಿವಾಸ್ ಹಾಗೂ ಸುರೇಶ್ ಎಂಬುವವರನ್ನು ಖಾಯಂಗೊಳಿಸಿ ಆದೇಶ ನೀಡಿದ್ದಾರೆ. ಆದರೆ ಉಳಿದ 9 ಜನರ ನೇರ ಪಾವತಿ ಕುರಿತಂತೆ ಬಗೆಹರಿಯದೆ ಪ್ರತಿಯೊಬ್ಬರಿಗೂ ಅನ್ಯಾಯವಾಗಿದೆ. ಸಮರ್ಪಕ ಕ್ರಮ ಕೈಗೊಂಡು ನ್ಯಾಯ ಒದಗಿಸಬೇಕು ಎಂದು ಪೌರ ಕಾರ್ಮಿಕರು ಒತ್ತಾಯಿಸಿದ್ದಾರೆ.
ಮಾಡಿಕೊಂಡಿದ್ದರೂ ಪೌರ ಕಾರ್ಮಿಕರ ಸಮಸ್ಯೆಗೆ ಶಾಶ್ವತ ಪರಿಹಾರ ಸಿಕ್ಕಿಲ್ಲ. ಸರ್ಕಾರ ಈ ಕೂಡಲೇ ಕ್ರಮ ಕೈಗೊಂಡು ಖಾಲಿ ಹುದ್ದೆಗಳನ್ನು ಭರ್ತಿ ಮಾಡಬೇಕು. ಪಟ್ಟಣ ಪಂಚಾಯಿತಿ ವ್ಯಾಪ್ತಿಯಲ್ಲಿ ಸ್ವಚ್ಛತೆ ಕಾಪಾಡಲು ಹೆಚ್ಚುವರಿ ಸಿಬ್ಬಂದಿ ಅಗತ್ಯವಿದೆ. ಕಳೆದ 2024 ಜುಲೈ ತಿಂಗಳಲ್ಲಿ ಸಲ್ಲಿಸಿದ ಪ್ರಸ್ತಾವನೆ ಇನ್ನೂ ಸರ್ಕಾರ ಮಟ್ಟದಲ್ಲಿ ಬಾಕಿ ಇದೆ ಎಂದು ಮೂಲಗಳು ತಿಳಿಸಿವೆ.
